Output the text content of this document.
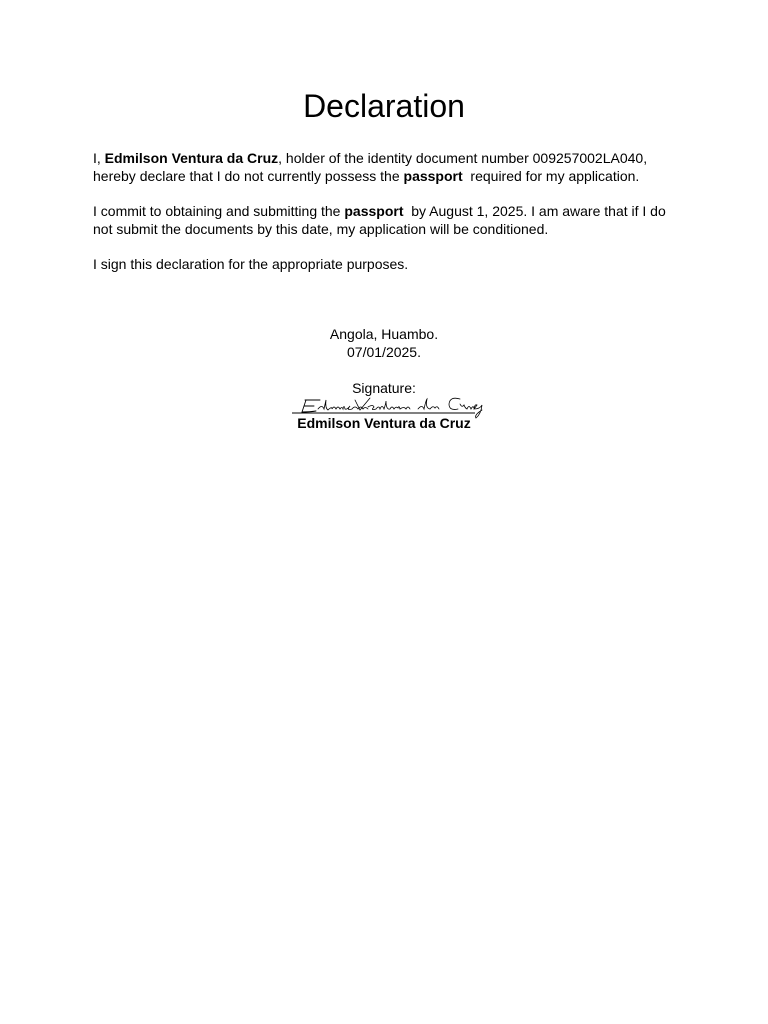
Declaration

I, Edmilson Ventura da Cruz, holder of the identity document number 009257002LA040, hereby declare that I do not currently possess the passport  required for my application.

I commit to obtaining and submitting the passport  by August 1, 2025. I am aware that if I do not submit the documents by this date, my application will be conditioned.

I sign this declaration for the appropriate purposes.

Angola, Huambo.
07/01/2025.
Signature:
Edmilson Ventura da Cruz
